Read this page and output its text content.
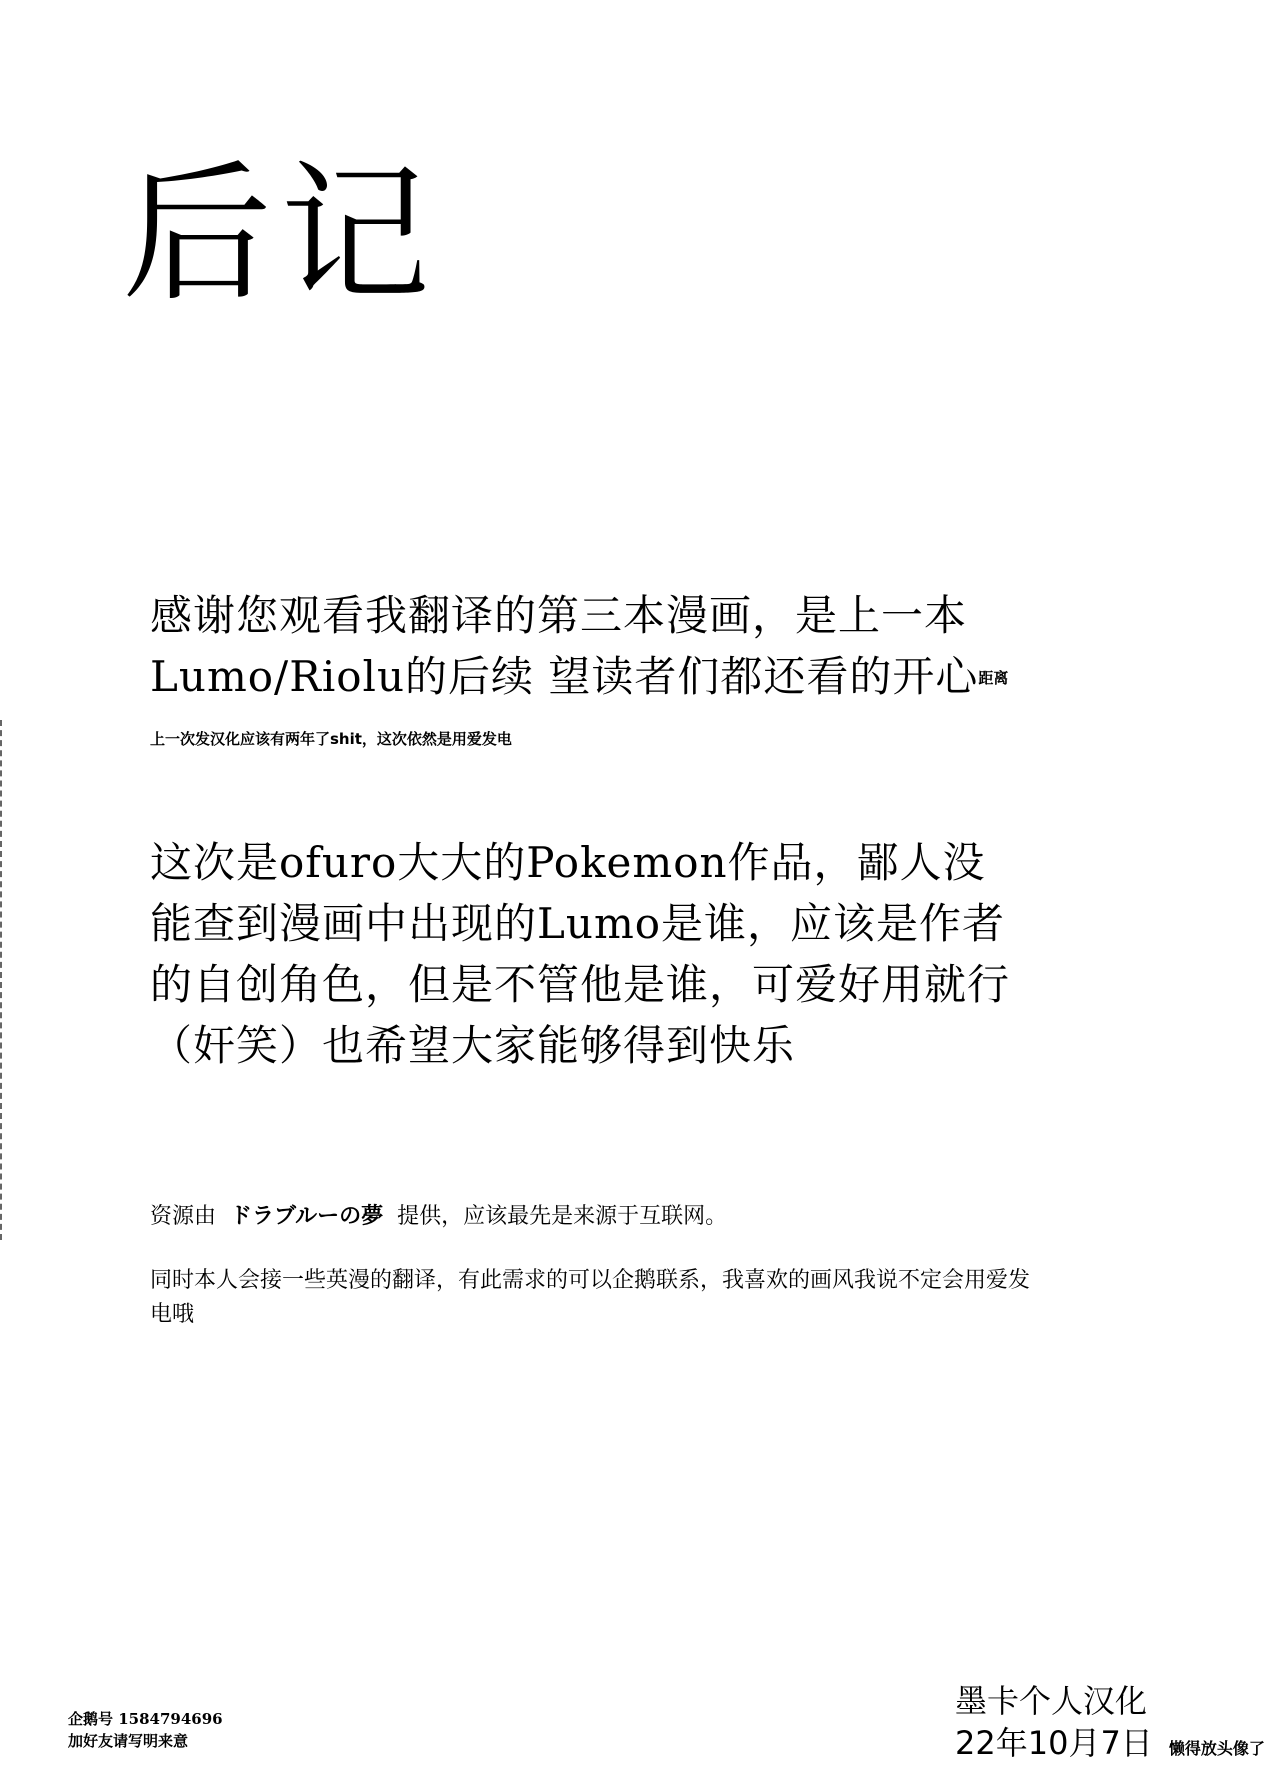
后记
感谢您观看我翻译的第三本漫画，是上一本 Lumo/Riolu的后续 望读者们都还看的开心$^{距离上一次发汉化应该有两年了shit,这次依然是用爱发电}$
这次是ofuro大大的Pokemon作品，鄙人没能查到漫画中出现的Lumo是谁，应该是作者的自创角色，但是不管他是谁，可爱好用就行（奸笑）也希望大家能够得到快乐
资源由 ドラブルーの夢 提供，应该最先是来源于互联网。
同时本人会接一些英漫的翻译，有此需求的可以企鹅联系，我喜欢的画风我说不定会用爱发电哦
企鹅号 1584794696
加好友请写明来意
墨卡个人汉化
22年10月7日 懒得放头像了
